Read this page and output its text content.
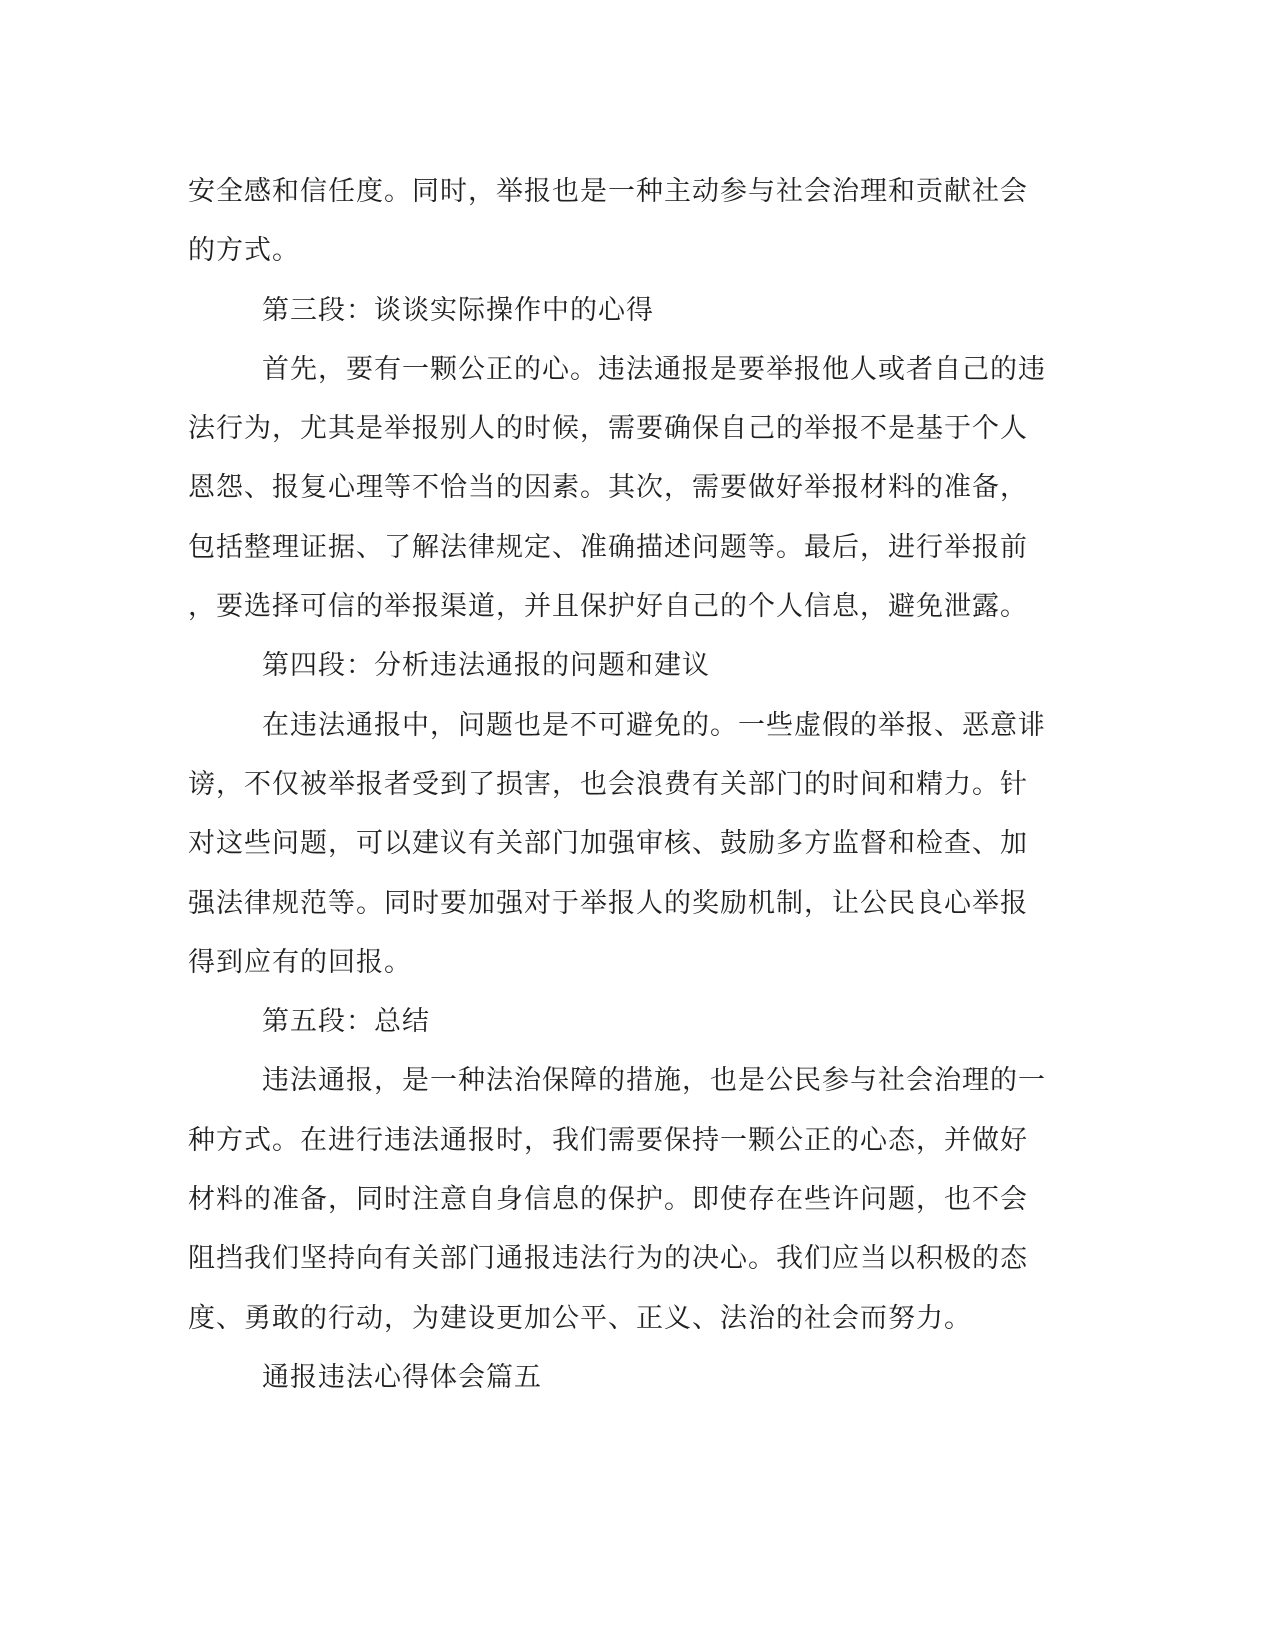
安全感和信任度。同时，举报也是一种主动参与社会治理和贡献社会
的方式。
第三段：谈谈实际操作中的心得
首先，要有一颗公正的心。违法通报是要举报他人或者自己的违
法行为，尤其是举报别人的时候，需要确保自己的举报不是基于个人
恩怨、报复心理等不恰当的因素。其次，需要做好举报材料的准备，
包括整理证据、了解法律规定、准确描述问题等。最后，进行举报前
，要选择可信的举报渠道，并且保护好自己的个人信息，避免泄露。
第四段：分析违法通报的问题和建议
在违法通报中，问题也是不可避免的。一些虚假的举报、恶意诽
谤，不仅被举报者受到了损害，也会浪费有关部门的时间和精力。针
对这些问题，可以建议有关部门加强审核、鼓励多方监督和检查、加
强法律规范等。同时要加强对于举报人的奖励机制，让公民良心举报
得到应有的回报。
第五段：总结
违法通报，是一种法治保障的措施，也是公民参与社会治理的一
种方式。在进行违法通报时，我们需要保持一颗公正的心态，并做好
材料的准备，同时注意自身信息的保护。即使存在些许问题，也不会
阻挡我们坚持向有关部门通报违法行为的决心。我们应当以积极的态
度、勇敢的行动，为建设更加公平、正义、法治的社会而努力。
通报违法心得体会篇五
